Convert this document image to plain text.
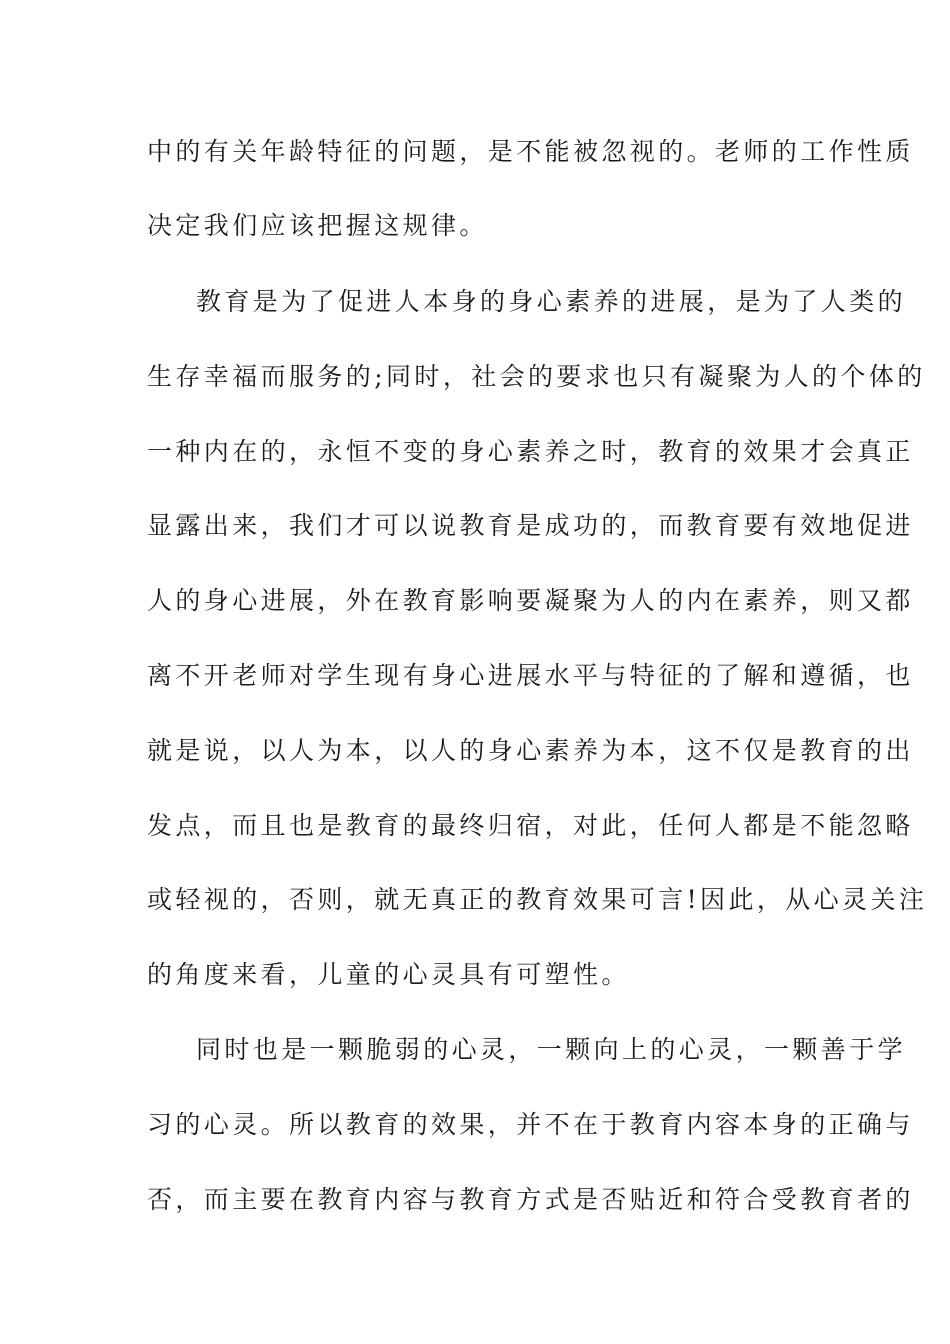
中的有关年龄特征的问题，是不能被忽视的。老师的工作性质
决定我们应该把握这规律。
教育是为了促进人本身的身心素养的进展，是为了人类的
生存幸福而服务的;同时，社会的要求也只有凝聚为人的个体的
一种内在的，永恒不变的身心素养之时，教育的效果才会真正
显露出来，我们才可以说教育是成功的，而教育要有效地促进
人的身心进展，外在教育影响要凝聚为人的内在素养，则又都
离不开老师对学生现有身心进展水平与特征的了解和遵循，也
就是说，以人为本，以人的身心素养为本，这不仅是教育的出
发点，而且也是教育的最终归宿，对此，任何人都是不能忽略
或轻视的，否则，就无真正的教育效果可言!因此，从心灵关注
的角度来看，儿童的心灵具有可塑性。
同时也是一颗脆弱的心灵，一颗向上的心灵，一颗善于学
习的心灵。所以教育的效果，并不在于教育内容本身的正确与
否，而主要在教育内容与教育方式是否贴近和符合受教育者的
